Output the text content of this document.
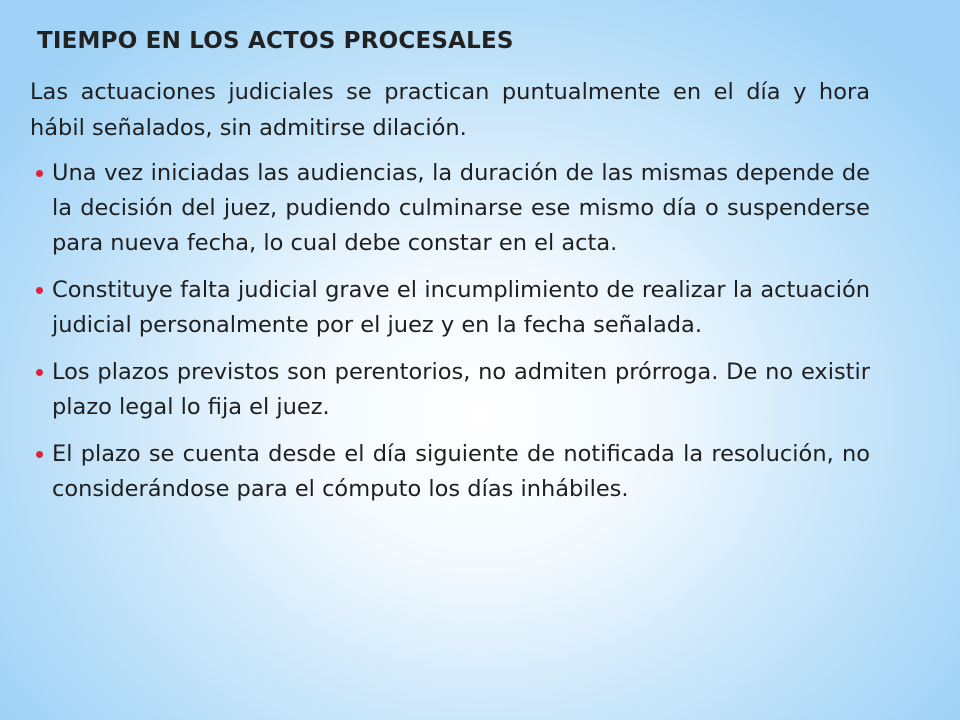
TIEMPO EN LOS ACTOS PROCESALES

Las actuaciones judiciales se practican puntualmente en el día y hora hábil señalados, sin admitirse dilación.

Una vez iniciadas las audiencias, la duración de las mismas depende de la decisión del juez, pudiendo culminarse ese mismo día o suspenderse para nueva fecha, lo cual debe constar en el acta.
Constituye falta judicial grave el incumplimiento de realizar la actuación judicial personalmente por el juez y en la fecha señalada.
Los plazos previstos son perentorios, no admiten prórroga. De no existir plazo legal lo fija el juez.
El plazo se cuenta desde el día siguiente de notificada la resolución, no considerándose para el cómputo los días inhábiles.
